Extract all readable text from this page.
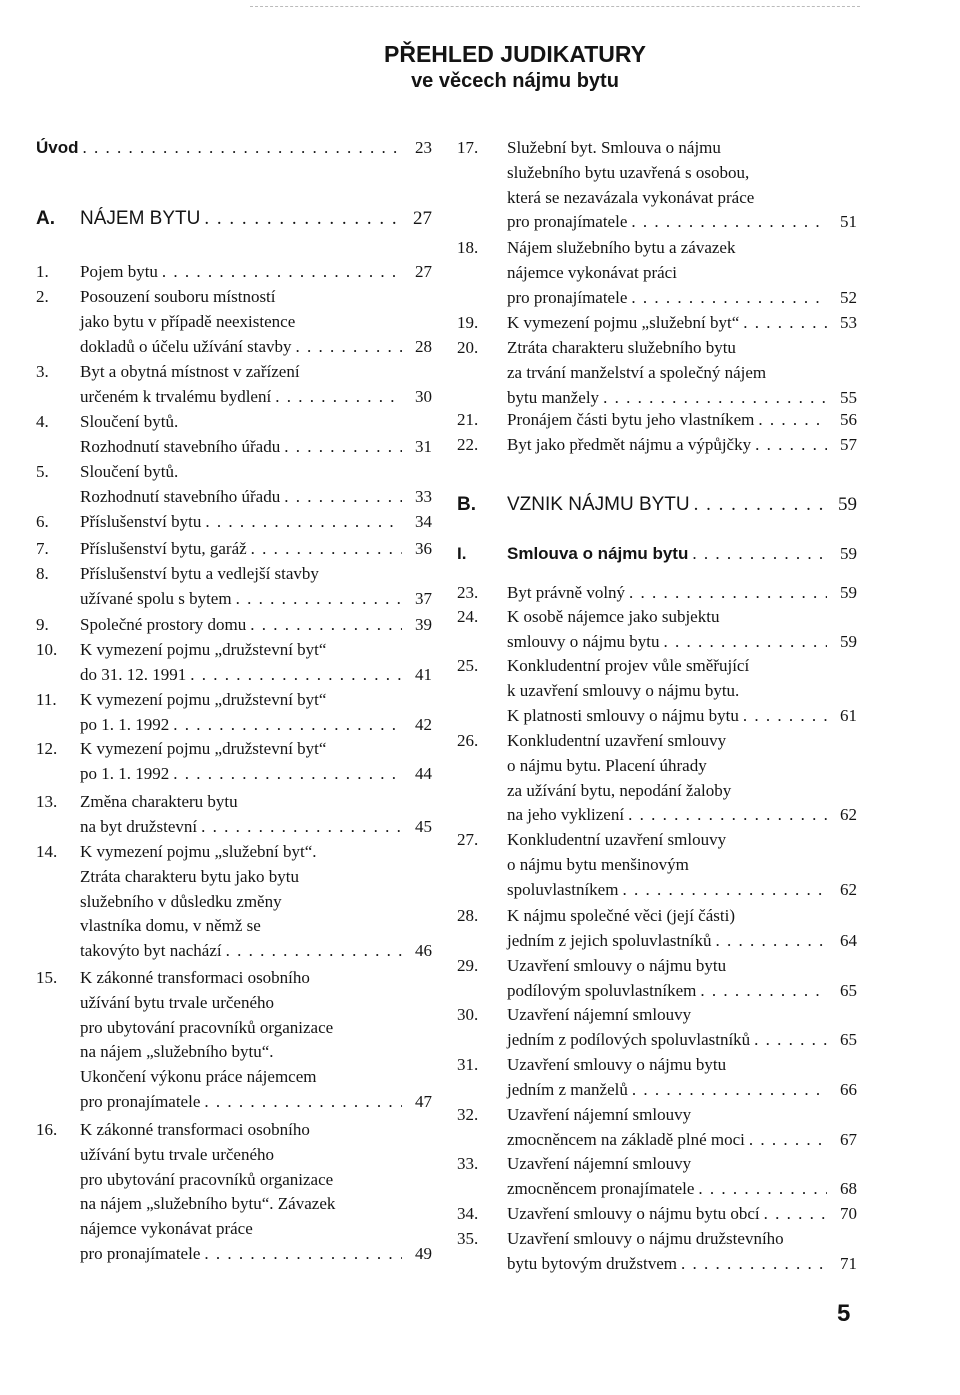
PŘEHLED JUDIKATURY
ve věcech nájmu bytu
Úvod . . .	23
A.	NÁJEM BYTU . . .	27
1.	Pojem bytu . . .	27
2.	Posouzení souboru místností
jako bytu v případě neexistence
dokladů o účelu užívání stavby . . .	28
3.	Byt a obytná místnost v zařízení
určeném k trvalému bydlení . . .	30
4.	Sloučení bytů.
Rozhodnutí stavebního úřadu . . .	31
5.	Sloučení bytů.
Rozhodnutí stavebního úřadu . . .	33
6.	Příslušenství bytu . . .	34
7.	Příslušenství bytu, garáž . . .	36
8.	Příslušenství bytu a vedlejší stavby
užívané spolu s bytem . . .	37
9.	Společné prostory domu . . .	39
10.	K vymezení pojmu „družstevní byt“
do 31. 12. 1991 . . .	41
11.	K vymezení pojmu „družstevní byt“
po 1. 1. 1992 . . .	42
12.	K vymezení pojmu „družstevní byt“
po 1. 1. 1992 . . .	44
13.	Změna charakteru bytu
na byt družstevní . . .	45
14.	K vymezení pojmu „služební byt“.
Ztráta charakteru bytu jako bytu
služebního v důsledku změny
vlastníka domu, v němž se
takovýto byt nachází . . .	46
15.	K zákonné transformaci osobního
užívání bytu trvale určeného
pro ubytování pracovníků organizace
na nájem „služebního bytu“.
Ukončení výkonu práce nájemcem
pro pronajímatele . . .	47
16.	K zákonné transformaci osobního
užívání bytu trvale určeného
pro ubytování pracovníků organizace
na nájem „služebního bytu“. Závazek
nájemce vykonávat práce
pro pronajímatele . . .	49
17.	Služební byt. Smlouva o nájmu
služebního bytu uzavřená s osobou,
která se nezavázala vykonávat práce
pro pronajímatele . . .	51
18.	Nájem služebního bytu a závazek
nájemce vykonávat práci
pro pronajímatele . . .	52
19.	K vymezení pojmu „služební byt“ . . .	53
20.	Ztráta charakteru služebního bytu
za trvání manželství a společný nájem
bytu manžely . . .	55
21.	Pronájem části bytu jeho vlastníkem . . .	56
22.	Byt jako předmět nájmu a výpůjčky . . .	57
B.	VZNIK NÁJMU BYTU . . .	59
I.	Smlouva o nájmu bytu . . .	59
23.	Byt právně volný . . .	59
24.	K osobě nájemce jako subjektu
smlouvy o nájmu bytu . . .	59
25.	Konkludentní projev vůle směřující
k uzavření smlouvy o nájmu bytu.
K platnosti smlouvy o nájmu bytu . . .	61
26.	Konkludentní uzavření smlouvy
o nájmu bytu. Placení úhrady
za užívání bytu, nepodání žaloby
na jeho vyklizení . . .	62
27.	Konkludentní uzavření smlouvy
o nájmu bytu menšinovým
spoluvlastníkem . . .	62
28.	K nájmu společné věci (její části)
jedním z jejich spoluvlastníků . . .	64
29.	Uzavření smlouvy o nájmu bytu
podílovým spoluvlastníkem . . .	65
30.	Uzavření nájemní smlouvy
jedním z podílových spoluvlastníků . . .	65
31.	Uzavření smlouvy o nájmu bytu
jedním z manželů . . .	66
32.	Uzavření nájemní smlouvy
zmocněncem na základě plné moci . . .	67
33.	Uzavření nájemní smlouvy
zmocněncem pronajímatele . . .	68
34.	Uzavření smlouvy o nájmu bytu obcí . . .	70
35.	Uzavření smlouvy o nájmu družstevního
bytu bytovým družstvem . . .	71
5
